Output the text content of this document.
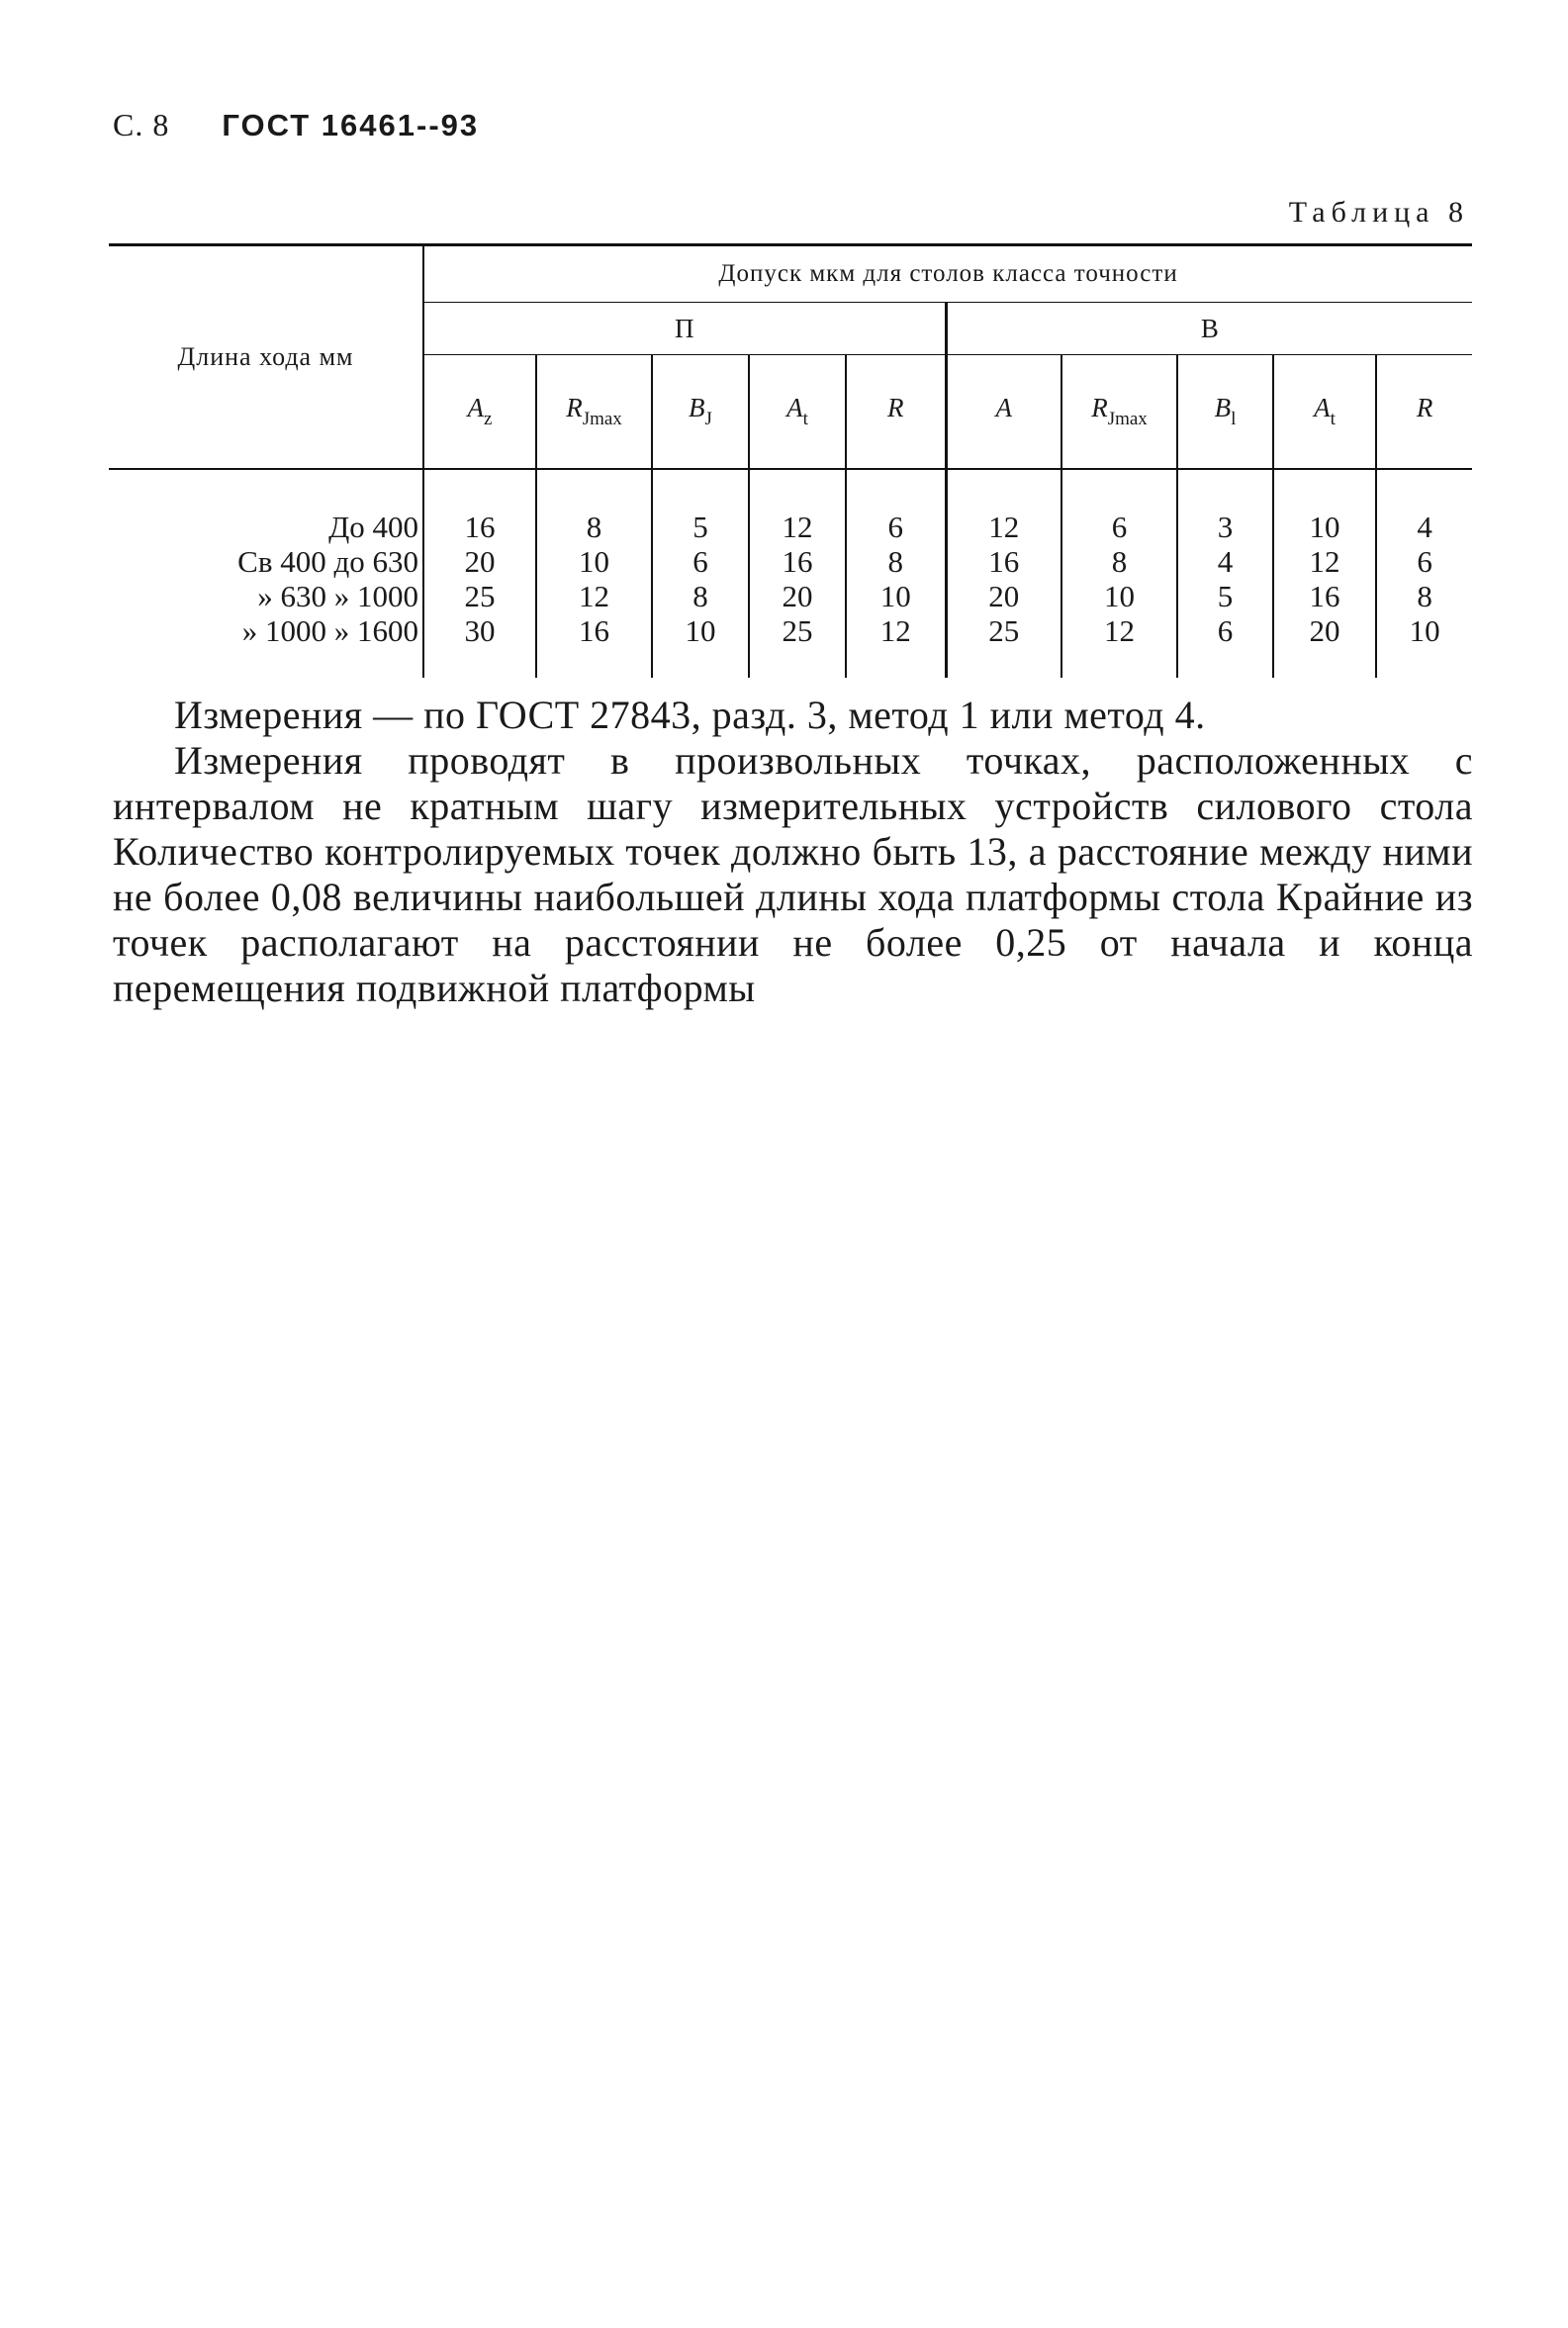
С. 8 ГОСТ 16461--93
Таблица 8
Длина хода мм	Допуск мкм для столов класса точности									
	П					В				
	$A_z$	$R_{Jmax}$	$B_J$	$A_t$	R	A	$R_{Jmax}$	$B_l$	$A_t$	R
До 400	16	8	5	12	6	12	6	3	10	4
Св 400 до 630	20	10	6	16	8	16	8	4	12	6
» 630 » 1000	25	12	8	20	10	20	10	5	16	8
» 1000 » 1600	30	16	10	25	12	25	12	6	20	10

Измерения — по ГОСТ 27843, разд. 3, метод 1 или метод 4.

Измерения проводят в произвольных точках, расположенных с интервалом не кратным шагу измерительных устройств силового стола Количество контролируемых точек должно быть 13, а расстояние между ними не более 0,08 величины наибольшей длины хода платформы стола Крайние из точек располагают на расстоянии не более 0,25 от начала и конца перемещения подвижной платформы
